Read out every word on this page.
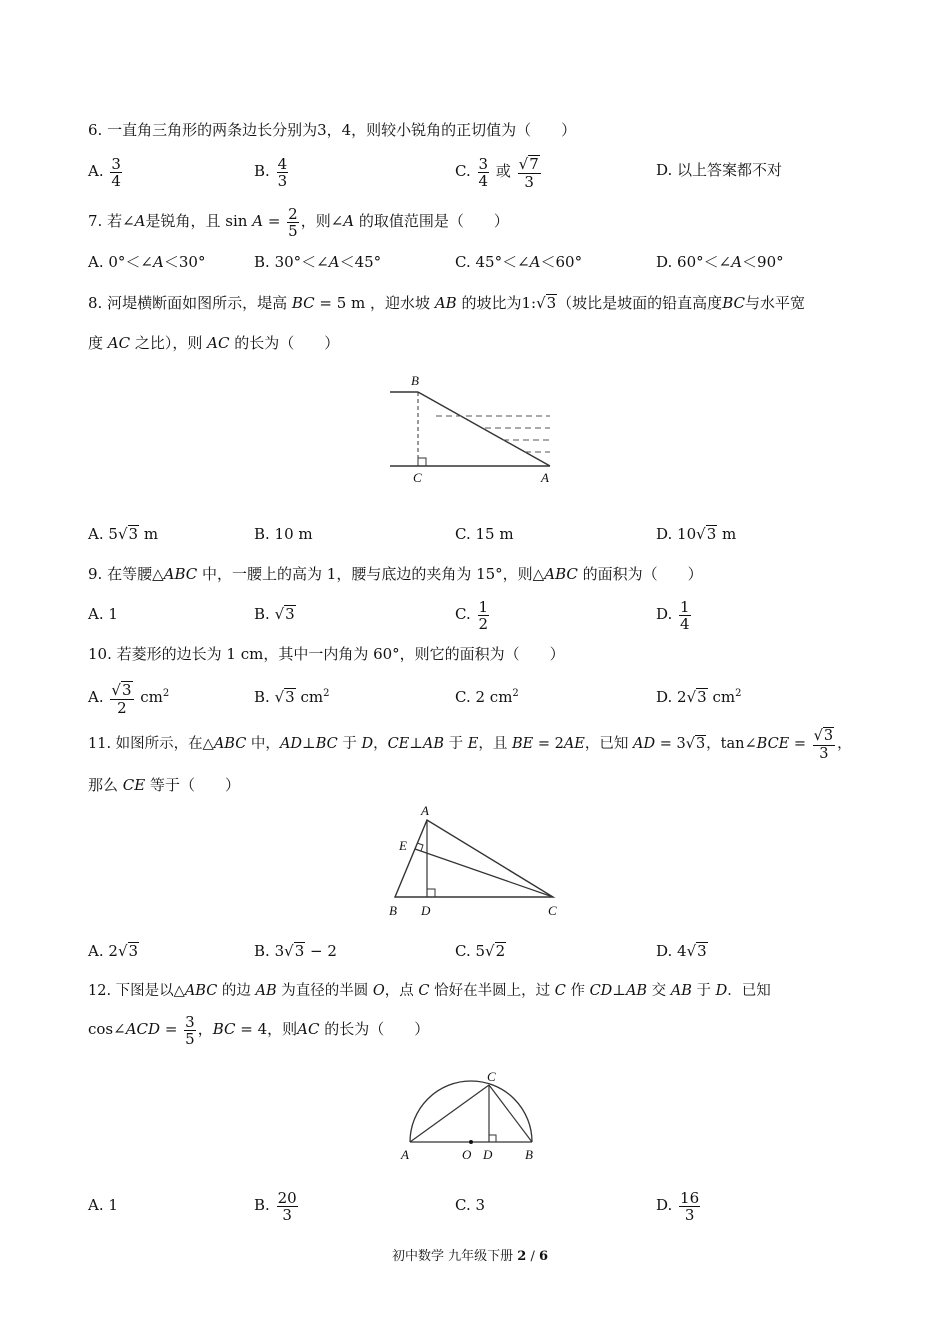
6. 一直角三角形的两条边长分别为3，4，则较小锐角的正切值为（　　）
A. $\frac{3}{4}$	B. $\frac{4}{3}$	C. $\frac{3}{4}$ 或 $\frac{√7}{3}$	D. 以上答案都不对
7. 若∠A是锐角，且 $\sin A = \frac{2}{5}$ ，则∠A 的取值范围是（　　）
A. 0°＜∠A＜30°	B. 30°＜∠A＜45°	C. 45°＜∠A＜60°	D. 60°＜∠A＜90°
8. 河堤横断面如图所示，堤高 BC = 5 m ，迎水坡 AB 的坡比为1:√3（坡比是坡面的铅直高度BC与水平宽
度 AC 之比），则 AC 的长为（　　）
B
C	A
A. 5√3 m	B. 10 m	C. 15 m	D. 10√3 m
9. 在等腰△ABC 中，一腰上的高为 1，腰与底边的夹角为 15°，则△ABC 的面积为（　　）
A. 1	B. √3	C. $\frac{1}{2}$	D. $\frac{1}{4}$
10. 若菱形的边长为 1 cm，其中一内角为 60°，则它的面积为（　　）
A. $\frac{√3}{2} cm^2$	B. √3 $cm^2$	C. 2 $cm^2$	D. 2√3 $cm^2$
11. 如图所示，在△ABC 中，AD⊥BC 于 D，CE⊥AB 于 E，且 BE = 2AE，已知 AD = 3√3，tan∠BCE = $\frac{√3}{3}$ ，
那么 CE 等于（　　）
A
E
B D	C
A. 2√3	B. 3√3 − 2	C. 5√2	D. 4√3
12. 下图是以△ABC 的边 AB 为直径的半圆 O，点 C 恰好在半圆上，过 C 作 CD⊥AB 交 AB 于 D．已知
cos∠ACD = $\frac{3}{5}$ ，BC = 4，则AC 的长为（　　）
C
A	O D	B
A. 1	B. $\frac{20}{3}$	C. 3	D. $\frac{16}{3}$
初中数学 九年级下册 2 / 6
